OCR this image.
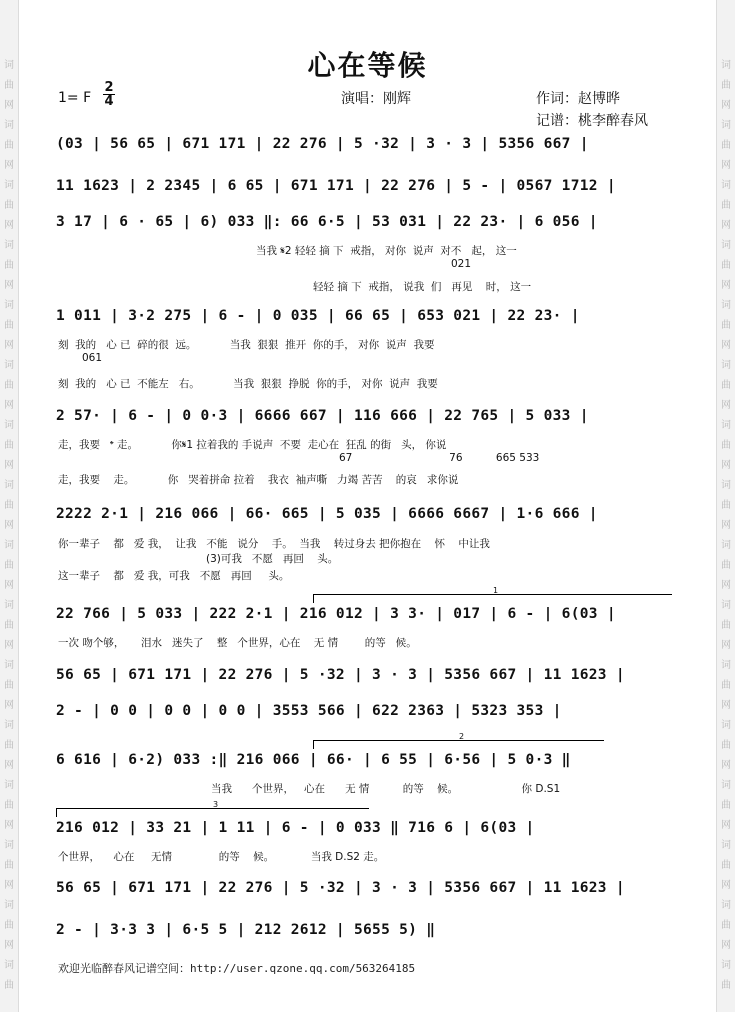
词	词
曲	曲
网	网
词	词
曲	曲
网	网
词	词
曲	曲
网	网
词	词
曲	曲
网	网
词	词
曲	曲
网	网
词	词
曲	曲
网	网
词	词
曲	曲
网	网
词	词
曲	曲
网	网
词	词
曲	曲
网	网
词	词
曲	曲
网	网
词	词
曲	曲
网	网
词	词
曲	曲
网	网
词	词
曲	曲
网	网
词	词
曲	曲
网	网
词	词
曲	曲
网	网
词	词
曲	曲
心在等候
1= F $\frac{2}{4}$	演唱：刚辉	作词：赵博晔
记谱：桃李醉春风
(03 | 56 65 | 671 171 | 22 276 | 5 ·32 | 3 · 3 | 5356 667 |
11 1623 | 2 2345 | 6 65 | 671 171 | 22 276 | 5 - | 0567 1712 |
3 17 | 6 · 65 | 6) 033 ‖: 66 6·5 | 53 031 | 22 23· | 6 056 |
1 011 | 3·2 275 | 6 - | 0 035 | 66 65 | 653 021 | 22 23· |
2 57· | 6 - | 0 0·3 | 6666 667 | 116 666 | 22 765 | 5 033 |
2222 2·1 | 216 066 | 66· 665 | 5 035 | 6666 6667 | 1·6 666 |
22 766 | 5 033 | 222 2·1 | 216 012 | 3 3· | 017 | 6 - | 6(03 |
56 65 | 671 171 | 22 276 | 5 ·32 | 3 · 3 | 5356 667 | 11 1623 |
2 - | 0 0 | 0 0 | 0 0 | 3553 566 | 622 2363 | 5323 353 |
6 616 | 6·2) 033 :‖ 216 066 | 66· | 6 55 | 6·56 | 5 0·3 ‖
216 012 | 33 21 | 1 11 | 6 - | 0 033 ‖ 716 6 | 6(03 |
56 65 | 671 171 | 22 276 | 5 ·32 | 3 · 3 | 5356 667 | 11 1623 |
2 - | 3·3 3 | 6·5 5 | 212 2612 | 5655 5) ‖
当我 𝄋2 轻轻 摘 下  戒指， 对你  说声  对不   起， 这一
021
轻轻 摘 下  戒指， 说我  们   再见    时， 这一
刻  我的   心 已  碎的很  远。          当我  狠狠  推开  你的手， 对你  说声  我要
061
刻  我的   心 已  不能左   右。          当我  狠狠  挣脱  你的手， 对你  说声  我要
走，我要   𝄌 走。          你𝄋1 拉着我的 手说声  不要  走心在  狂乱 的街   头， 你说
67                             76          665 533
走，我要    走。          你   哭着拼命 拉着    我衣  袖声嘶   力竭 苦苦    的哀   求你说
你一辈子    都   爱 我，  让我   不能   说分    手。  当我    转过身去 把你抱在    怀    中让我
(3)可我   不愿   再回    头。
这一辈子    都   爱 我，可我   不愿   再回     头。
一次 吻个够，     泪水   迷失了    整   个世界，心在    无 情        的等   候。
当我      个世界，   心在      无 情          的等    候。                   你 D.S1
个世界，    心在     无情              的等    候。           当我 D.S2 走。
1
2
3
欢迎光临醉春风记谱空间：http://user.qzone.qq.com/563264185
